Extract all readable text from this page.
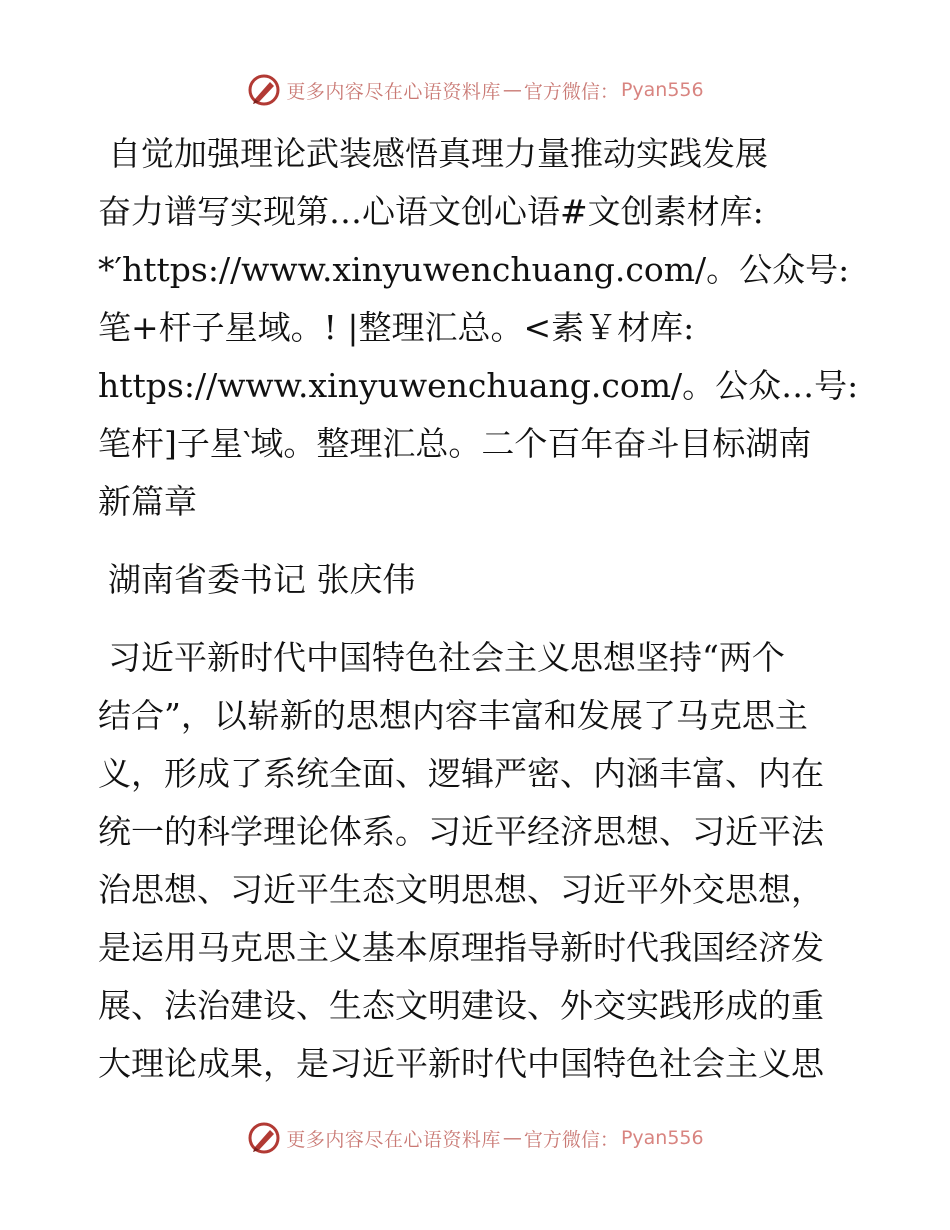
更多内容尽在心语资料库 — 官方微信： Pyan556
自觉加强理论武装感悟真理力量推动实践发展
奋力谱写实现第…心语文创心语#文创素材库:
*′https://www.xinyuwenchuang.com/。公众号:
笔+杆子星域。! |整理汇总。<素￥材库:
https://www.xinyuwenchuang.com/。公众…号:
笔杆]子星‵域。整理汇总。二个百年奋斗目标湖南
新篇章
湖南省委书记 张庆伟
习近平新时代中国特色社会主义思想坚持“两个
结合”，以崭新的思想内容丰富和发展了马克思主
义，形成了系统全面、逻辑严密、内涵丰富、内在
统一的科学理论体系。习近平经济思想、习近平法
治思想、习近平生态文明思想、习近平外交思想，
是运用马克思主义基本原理指导新时代我国经济发
展、法治建设、生态文明建设、外交实践形成的重
大理论成果，是习近平新时代中国特色社会主义思
更多内容尽在心语资料库 — 官方微信： Pyan556
